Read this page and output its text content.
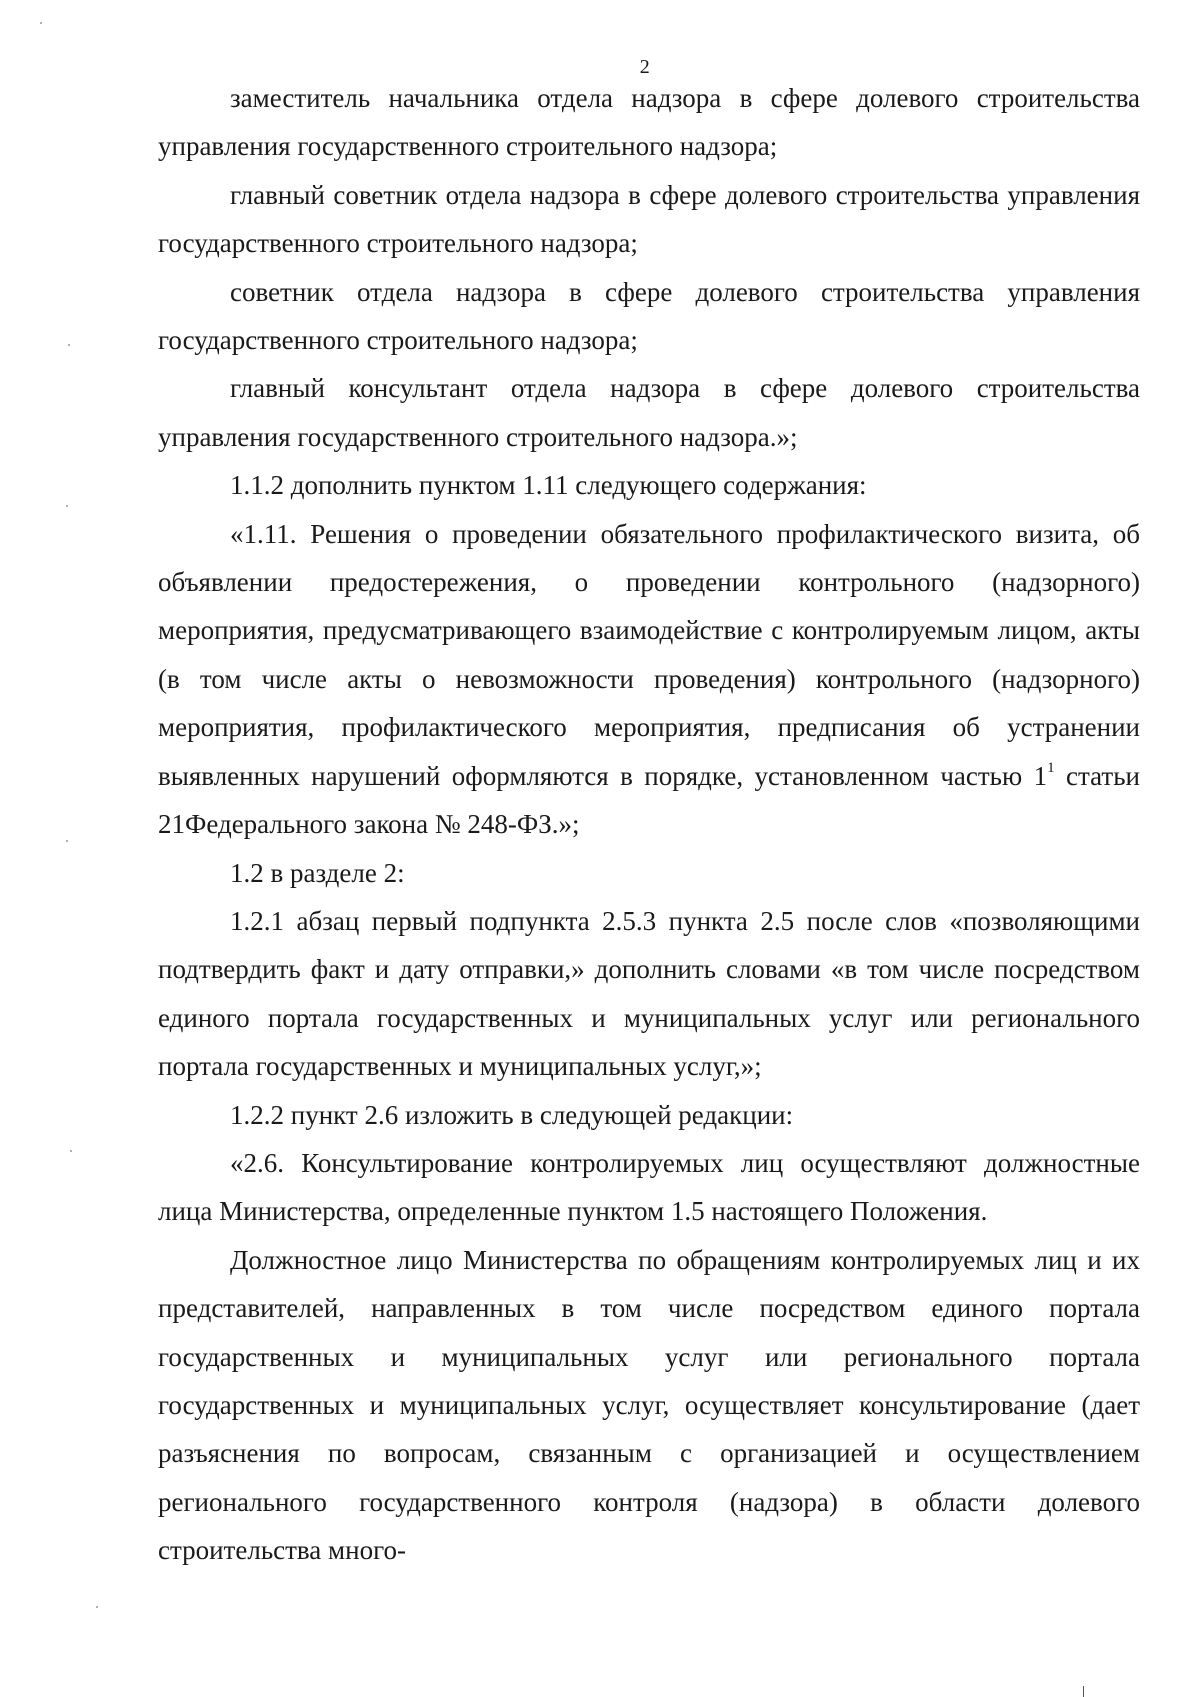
2

заместитель начальника отдела надзора в сфере долевого строительства управления государственного строительного надзора;

главный советник отдела надзора в сфере долевого строительства управления государственного строительного надзора;

советник отдела надзора в сфере долевого строительства управления государственного строительного надзора;

главный консультант отдела надзора в сфере долевого строительства управления государственного строительного надзора.»;

1.1.2 дополнить пунктом 1.11 следующего содержания:

«1.11. Решения о проведении обязательного профилактического визита, об объявлении предостережения, о проведении контрольного (надзорного) мероприятия, предусматривающего взаимодействие с контролируемым лицом, акты (в том числе акты о невозможности проведения) контрольного (надзорного) мероприятия, профилактического мероприятия, предписания об устранении выявленных нарушений оформляются в порядке, установленном частью $1^1$ статьи 21Федерального закона № 248-ФЗ.»;

1.2 в разделе 2:

1.2.1 абзац первый подпункта 2.5.3 пункта 2.5 после слов «позволяющими подтвердить факт и дату отправки,» дополнить словами «в том числе посредством единого портала государственных и муниципальных услуг или регионального портала государственных и муниципальных услуг,»;

1.2.2 пункт 2.6 изложить в следующей редакции:

«2.6. Консультирование контролируемых лиц осуществляют должностные лица Министерства, определенные пунктом 1.5 настоящего Положения.

Должностное лицо Министерства по обращениям контролируемых лиц и их представителей, направленных в том числе посредством единого портала государственных и муниципальных услуг или регионального портала государственных и муниципальных услуг, осуществляет консультирование (дает разъяснения по вопросам, связанным с организацией и осуществлением регионального государственного контроля (надзора) в области долевого строительства много-
